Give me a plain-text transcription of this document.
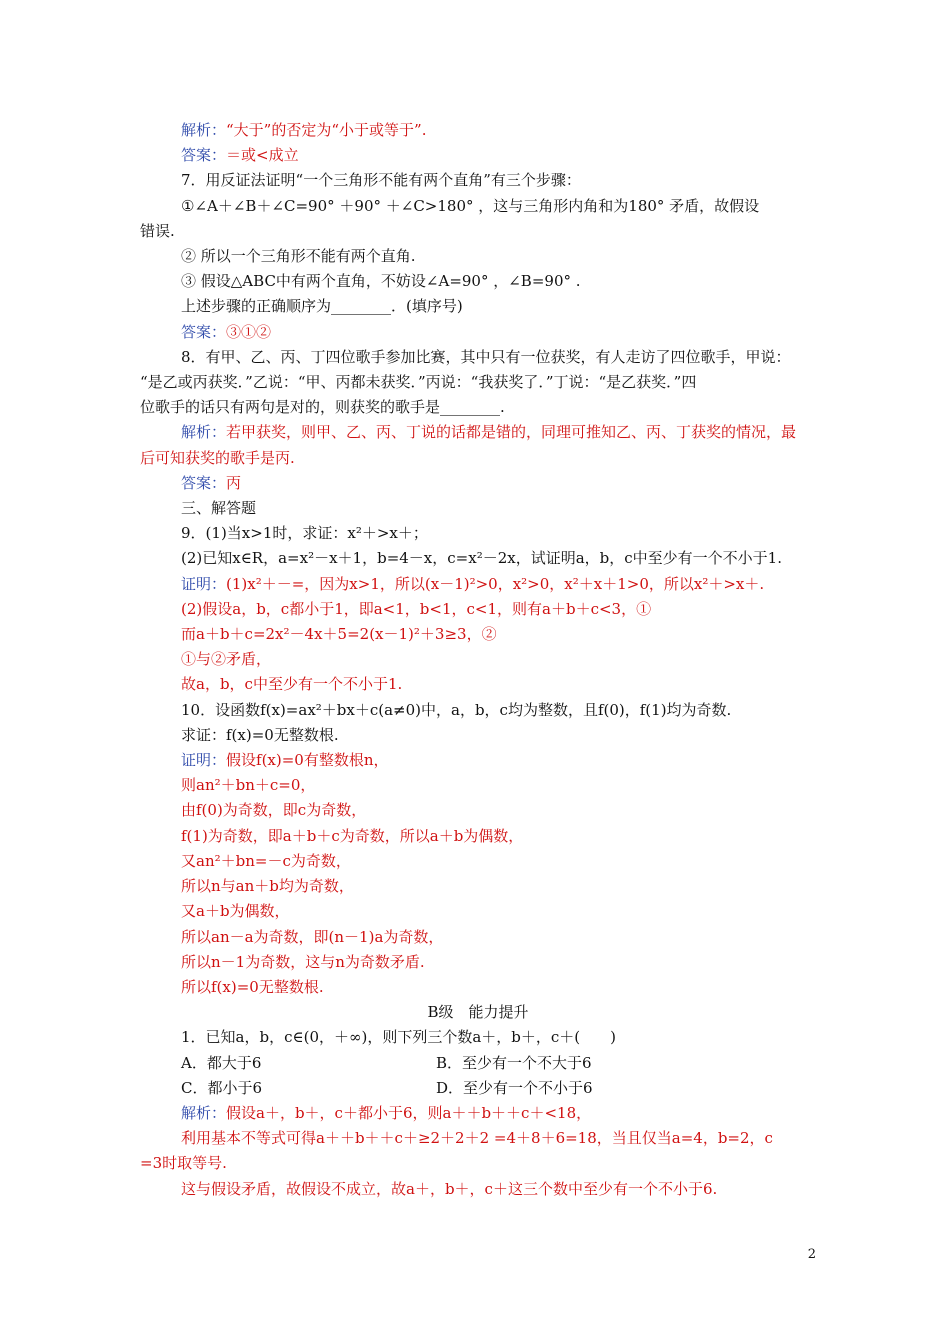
解析：“大于”的否定为“小于或等于”.
答案：＝或<成立
7．用反证法证明“一个三角形不能有两个直角”有三个步骤：
①∠A＋∠B＋∠C=90° ＋90° ＋∠C>180° ，这与三角形内角和为180° 矛盾，故假设
错误.
② 所以一个三角形不能有两个直角.
③ 假设△ABC中有两个直角，不妨设∠A=90° ，∠B=90° .
上述步骤的正确顺序为________．(填序号)
答案：③①②
8．有甲、乙、丙、丁四位歌手参加比赛，其中只有一位获奖，有人走访了四位歌手，甲说：
“是乙或丙获奖．”乙说：“甲、丙都未获奖．”丙说：“我获奖了．”丁说：“是乙获奖．”四
位歌手的话只有两句是对的，则获奖的歌手是________.
解析：若甲获奖，则甲、乙、丙、丁说的话都是错的，同理可推知乙、丙、丁获奖的情况，最
后可知获奖的歌手是丙.
答案：丙
三、解答题
9．(1)当x>1时，求证：x²＋>x＋；
(2)已知x∈R，a=x²－x＋1，b=4－x，c=x²－2x，试证明a，b，c中至少有一个不小于1.
证明：(1)x²＋－=，因为x>1，所以(x－1)²>0，x²>0，x²＋x＋1>0，所以x²＋>x＋.
(2)假设a，b，c都小于1，即a<1，b<1，c<1，则有a＋b＋c<3，①
而a＋b＋c=2x²－4x＋5=2(x－1)²＋3≥3，②
①与②矛盾，
故a，b，c中至少有一个不小于1.
10．设函数f(x)=ax²＋bx＋c(a≠0)中，a，b，c均为整数，且f(0)，f(1)均为奇数.
求证：f(x)=0无整数根.
证明：假设f(x)=0有整数根n，
则an²＋bn＋c=0，
由f(0)为奇数，即c为奇数，
f(1)为奇数，即a＋b＋c为奇数，所以a＋b为偶数，
又an²＋bn=－c为奇数，
所以n与an＋b均为奇数，
又a＋b为偶数，
所以an－a为奇数，即(n－1)a为奇数，
所以n－1为奇数，这与n为奇数矛盾.
所以f(x)=0无整数根.
B级　能力提升
1．已知a，b，c∈(0，＋∞)，则下列三个数a＋，b＋，c＋(　　)
A．都大于6	B．至少有一个不大于6
C．都小于6	D．至少有一个不小于6
解析：假设a＋，b＋，c＋都小于6，则a＋＋b＋＋c＋<18，
利用基本不等式可得a＋＋b＋＋c＋≥2＋2＋2 =4＋8＋6=18，当且仅当a=4，b=2，c
=3时取等号.
这与假设矛盾，故假设不成立，故a＋，b＋，c＋这三个数中至少有一个不小于6.
2
